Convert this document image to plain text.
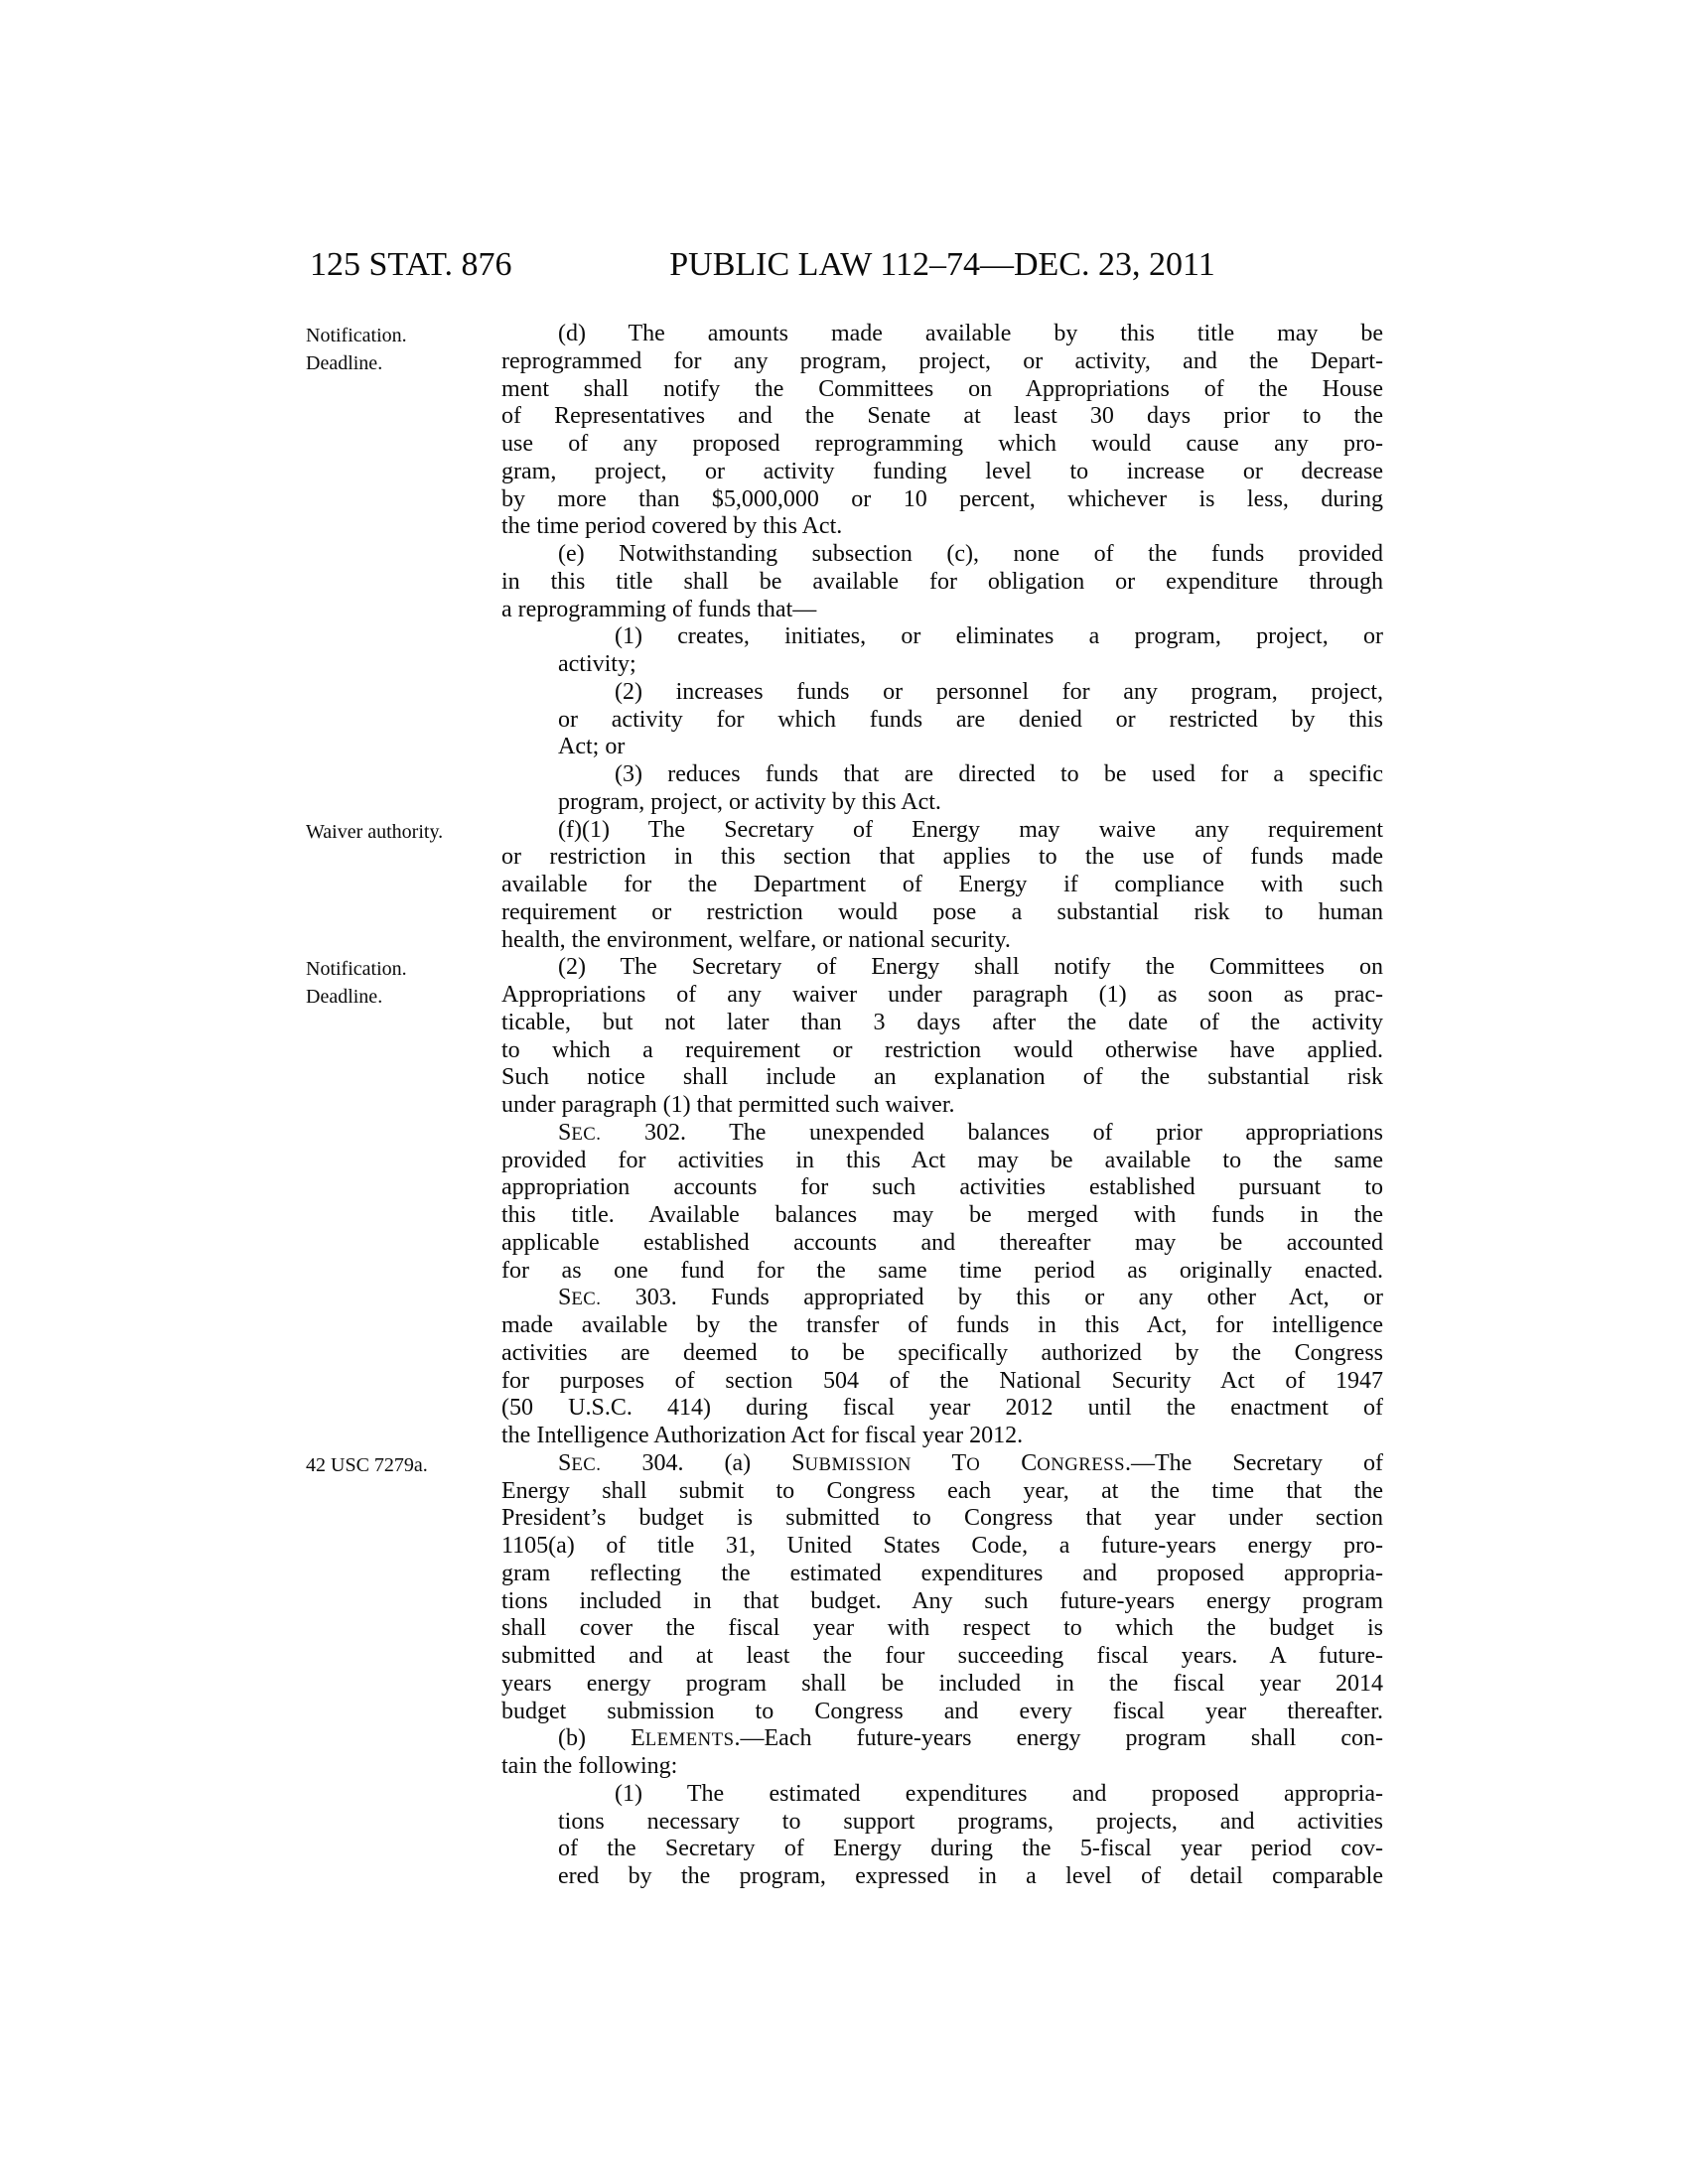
125 STAT. 876	PUBLIC LAW 112–74—DEC. 23, 2011
Notification.
Deadline.
Waiver authority.
Notification.
Deadline.
42 USC 7279a.
(d) The amounts made available by this title may be
reprogrammed for any program, project, or activity, and the Depart-
ment shall notify the Committees on Appropriations of the House
of Representatives and the Senate at least 30 days prior to the
use of any proposed reprogramming which would cause any pro-
gram, project, or activity funding level to increase or decrease
by more than $5,000,000 or 10 percent, whichever is less, during
the time period covered by this Act.
(e) Notwithstanding subsection (c), none of the funds provided
in this title shall be available for obligation or expenditure through
a reprogramming of funds that—
(1) creates, initiates, or eliminates a program, project, or
activity;
(2) increases funds or personnel for any program, project,
or activity for which funds are denied or restricted by this
Act; or
(3) reduces funds that are directed to be used for a specific
program, project, or activity by this Act.
(f)(1) The Secretary of Energy may waive any requirement
or restriction in this section that applies to the use of funds made
available for the Department of Energy if compliance with such
requirement or restriction would pose a substantial risk to human
health, the environment, welfare, or national security.
(2) The Secretary of Energy shall notify the Committees on
Appropriations of any waiver under paragraph (1) as soon as prac-
ticable, but not later than 3 days after the date of the activity
to which a requirement or restriction would otherwise have applied.
Such notice shall include an explanation of the substantial risk
under paragraph (1) that permitted such waiver.
SEC. 302. The unexpended balances of prior appropriations
provided for activities in this Act may be available to the same
appropriation accounts for such activities established pursuant to
this title. Available balances may be merged with funds in the
applicable established accounts and thereafter may be accounted
for as one fund for the same time period as originally enacted.
SEC. 303. Funds appropriated by this or any other Act, or
made available by the transfer of funds in this Act, for intelligence
activities are deemed to be specifically authorized by the Congress
for purposes of section 504 of the National Security Act of 1947
(50 U.S.C. 414) during fiscal year 2012 until the enactment of
the Intelligence Authorization Act for fiscal year 2012.
SEC. 304. (a) SUBMISSION TO CONGRESS.—The Secretary of
Energy shall submit to Congress each year, at the time that the
President’s budget is submitted to Congress that year under section
1105(a) of title 31, United States Code, a future-years energy pro-
gram reflecting the estimated expenditures and proposed appropria-
tions included in that budget. Any such future-years energy program
shall cover the fiscal year with respect to which the budget is
submitted and at least the four succeeding fiscal years. A future-
years energy program shall be included in the fiscal year 2014
budget submission to Congress and every fiscal year thereafter.
(b) ELEMENTS.—Each future-years energy program shall con-
tain the following:
(1) The estimated expenditures and proposed appropria-
tions necessary to support programs, projects, and activities
of the Secretary of Energy during the 5-fiscal year period cov-
ered by the program, expressed in a level of detail comparable
